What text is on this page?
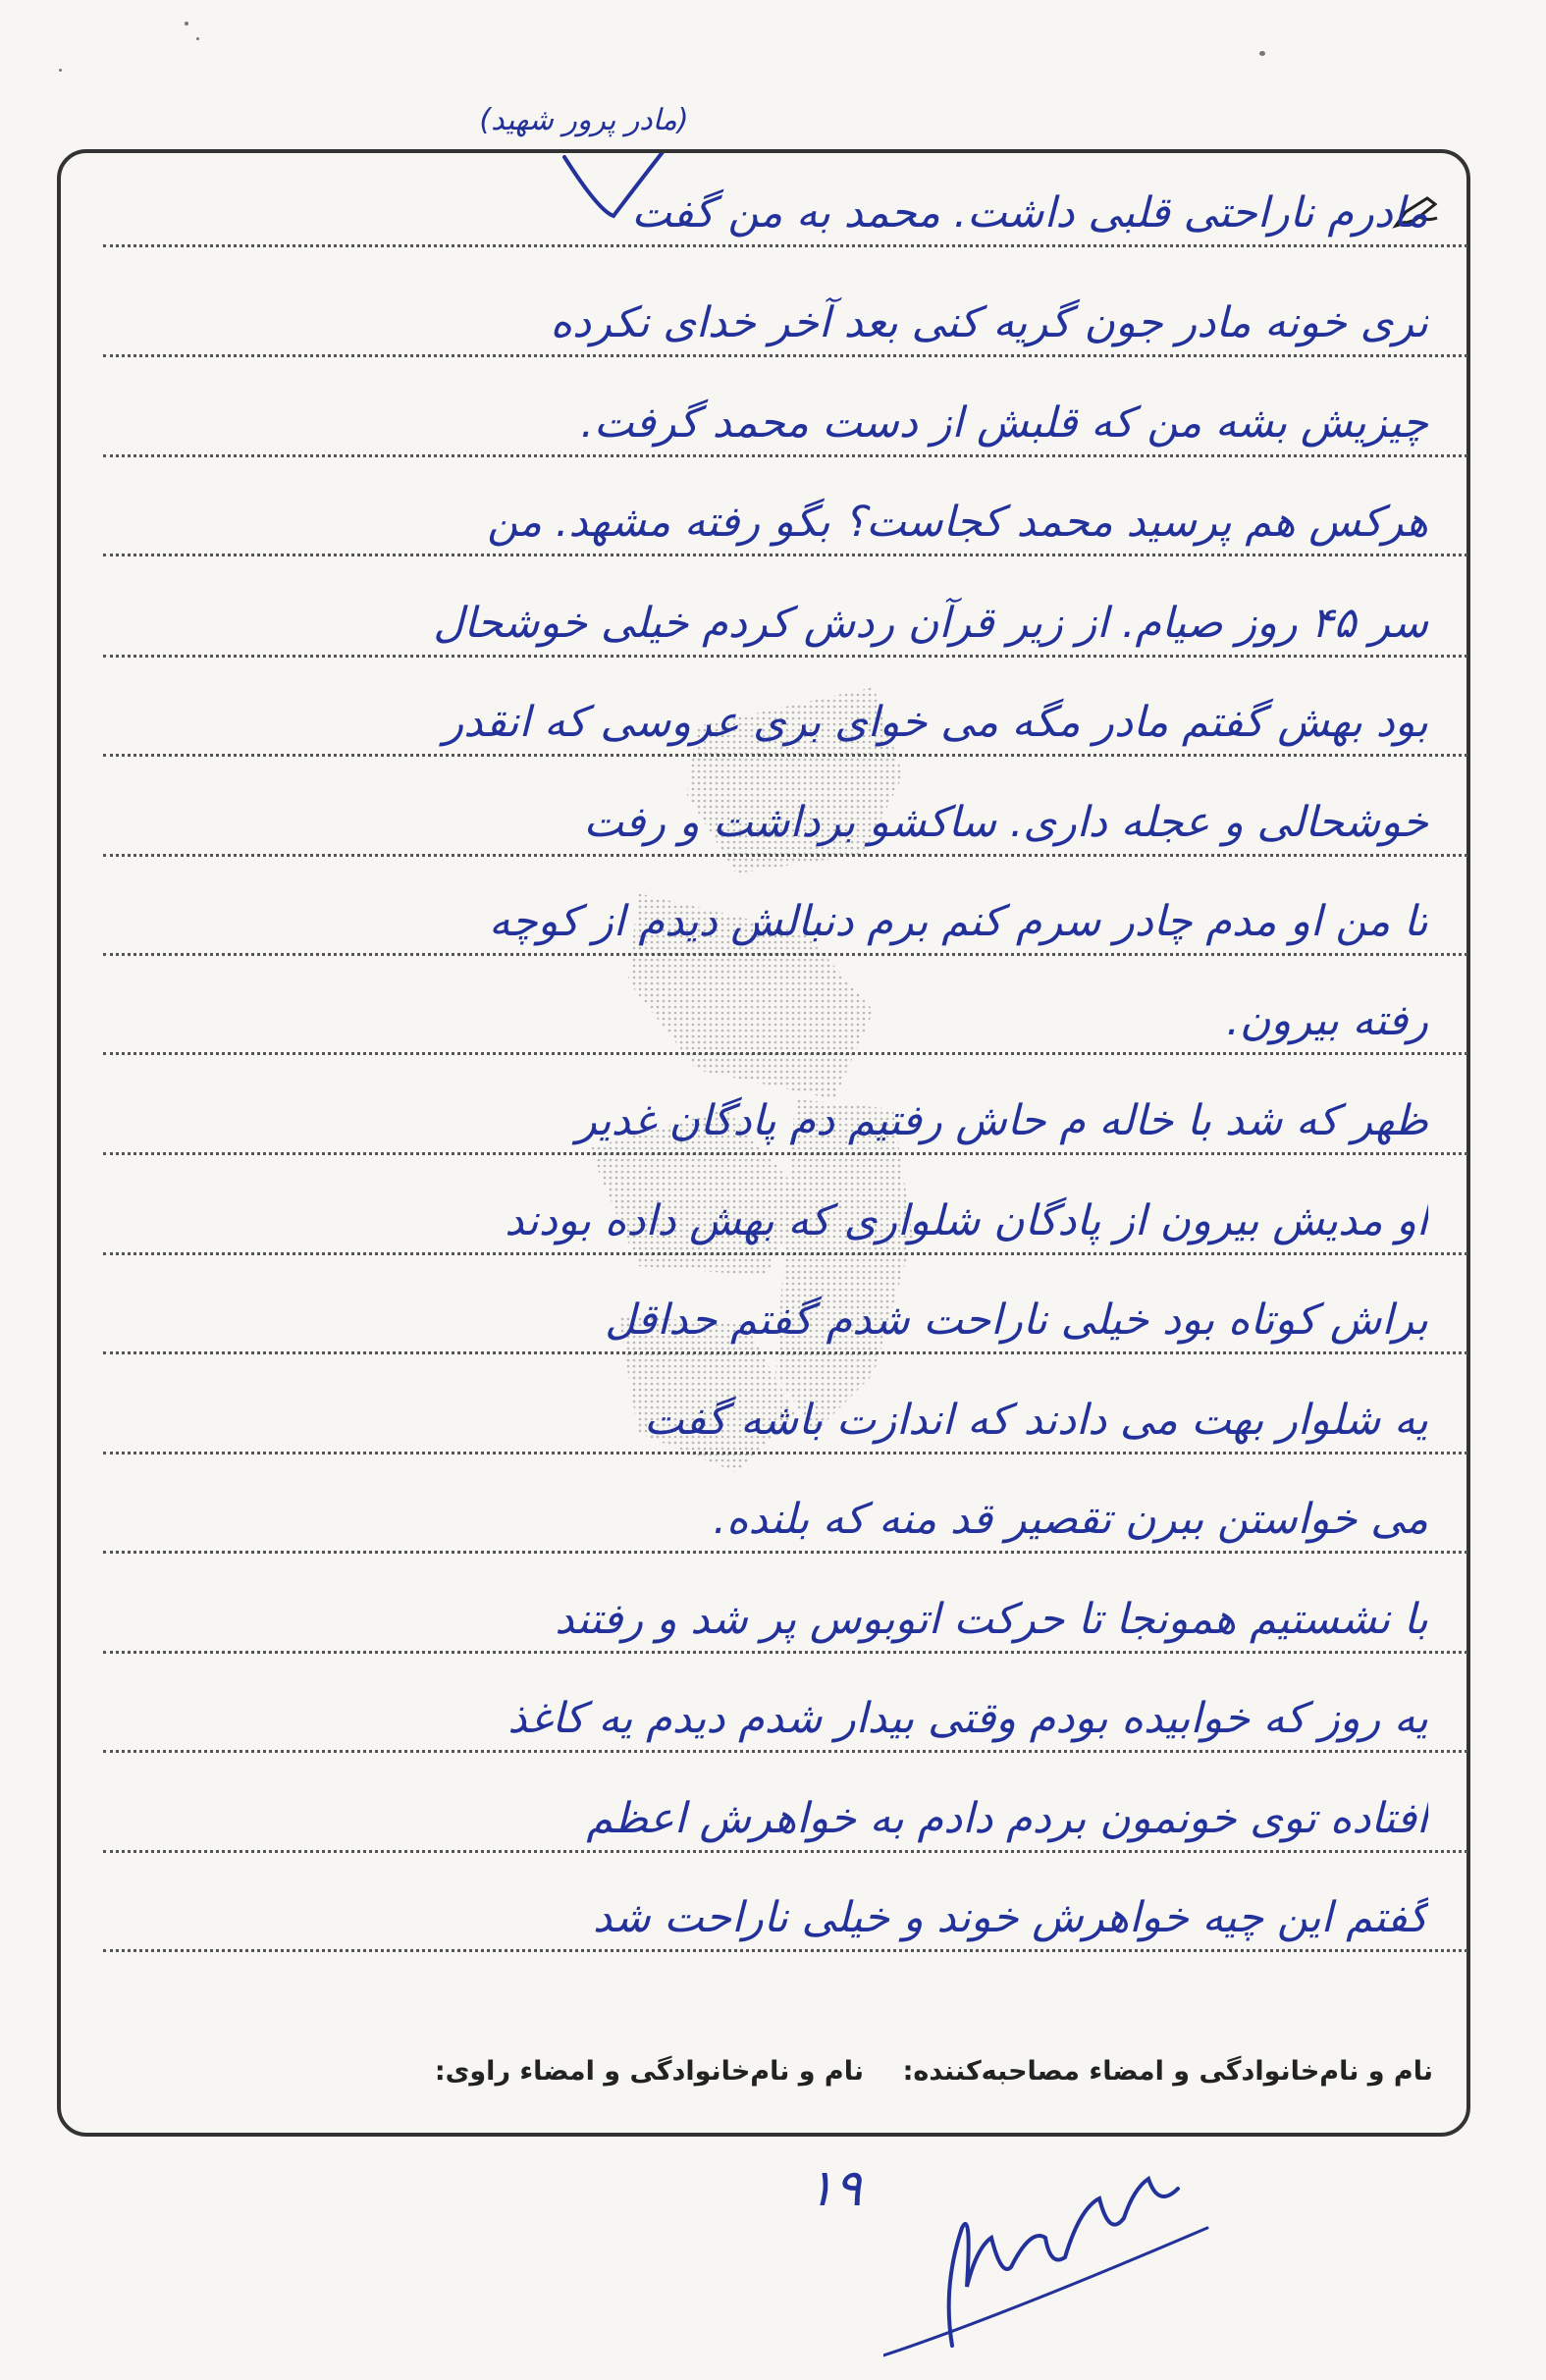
(مادر پرور شهید)
مادرم ناراحتی قلبی داشت. محمد به من گفت
نری خونه مادر جون گریه کنی بعد آخر خدای نکرده
چیزیش بشه من که قلبش از دست محمد گرفت.
هرکس هم پرسید محمد کجاست؟ بگو رفته مشهد. من
سر ۴۵ روز صیام. از زیر قرآن ردش کردم خیلی خوشحال
بود بهش گفتم مادر مگه می خوای بری عروسی که انقدر
خوشحالی و عجله داری. ساکشو برداشت و رفت
تا من او مدم چادر سرم کنم برم دنبالش دیدم از کوچه
رفته بیرون.
ظهر که شد با خاله م حاش رفتیم دم پادگان غدیر
او مدیش بیرون از پادگان شلواری که بهش داده بودند
براش کوتاه بود خیلی ناراحت شدم گفتم حداقل
یه شلوار بهت می دادند که اندازت باشه گفت
می خواستن ببرن تقصیر قد منه که بلنده.
با نشستیم همونجا تا حرکت اتوبوس پر شد و رفتند
یه روز که خوابیده بودم وقتی بیدار شدم دیدم یه کاغذ
افتاده توی خونمون بردم دادم به خواهرش اعظم
گفتم این چیه خواهرش خوند و خیلی ناراحت شد
نام و نام‌خانوادگی و امضاء مصاحبه‌کننده:
نام و نام‌خانوادگی و امضاء راوی:
۱۹
